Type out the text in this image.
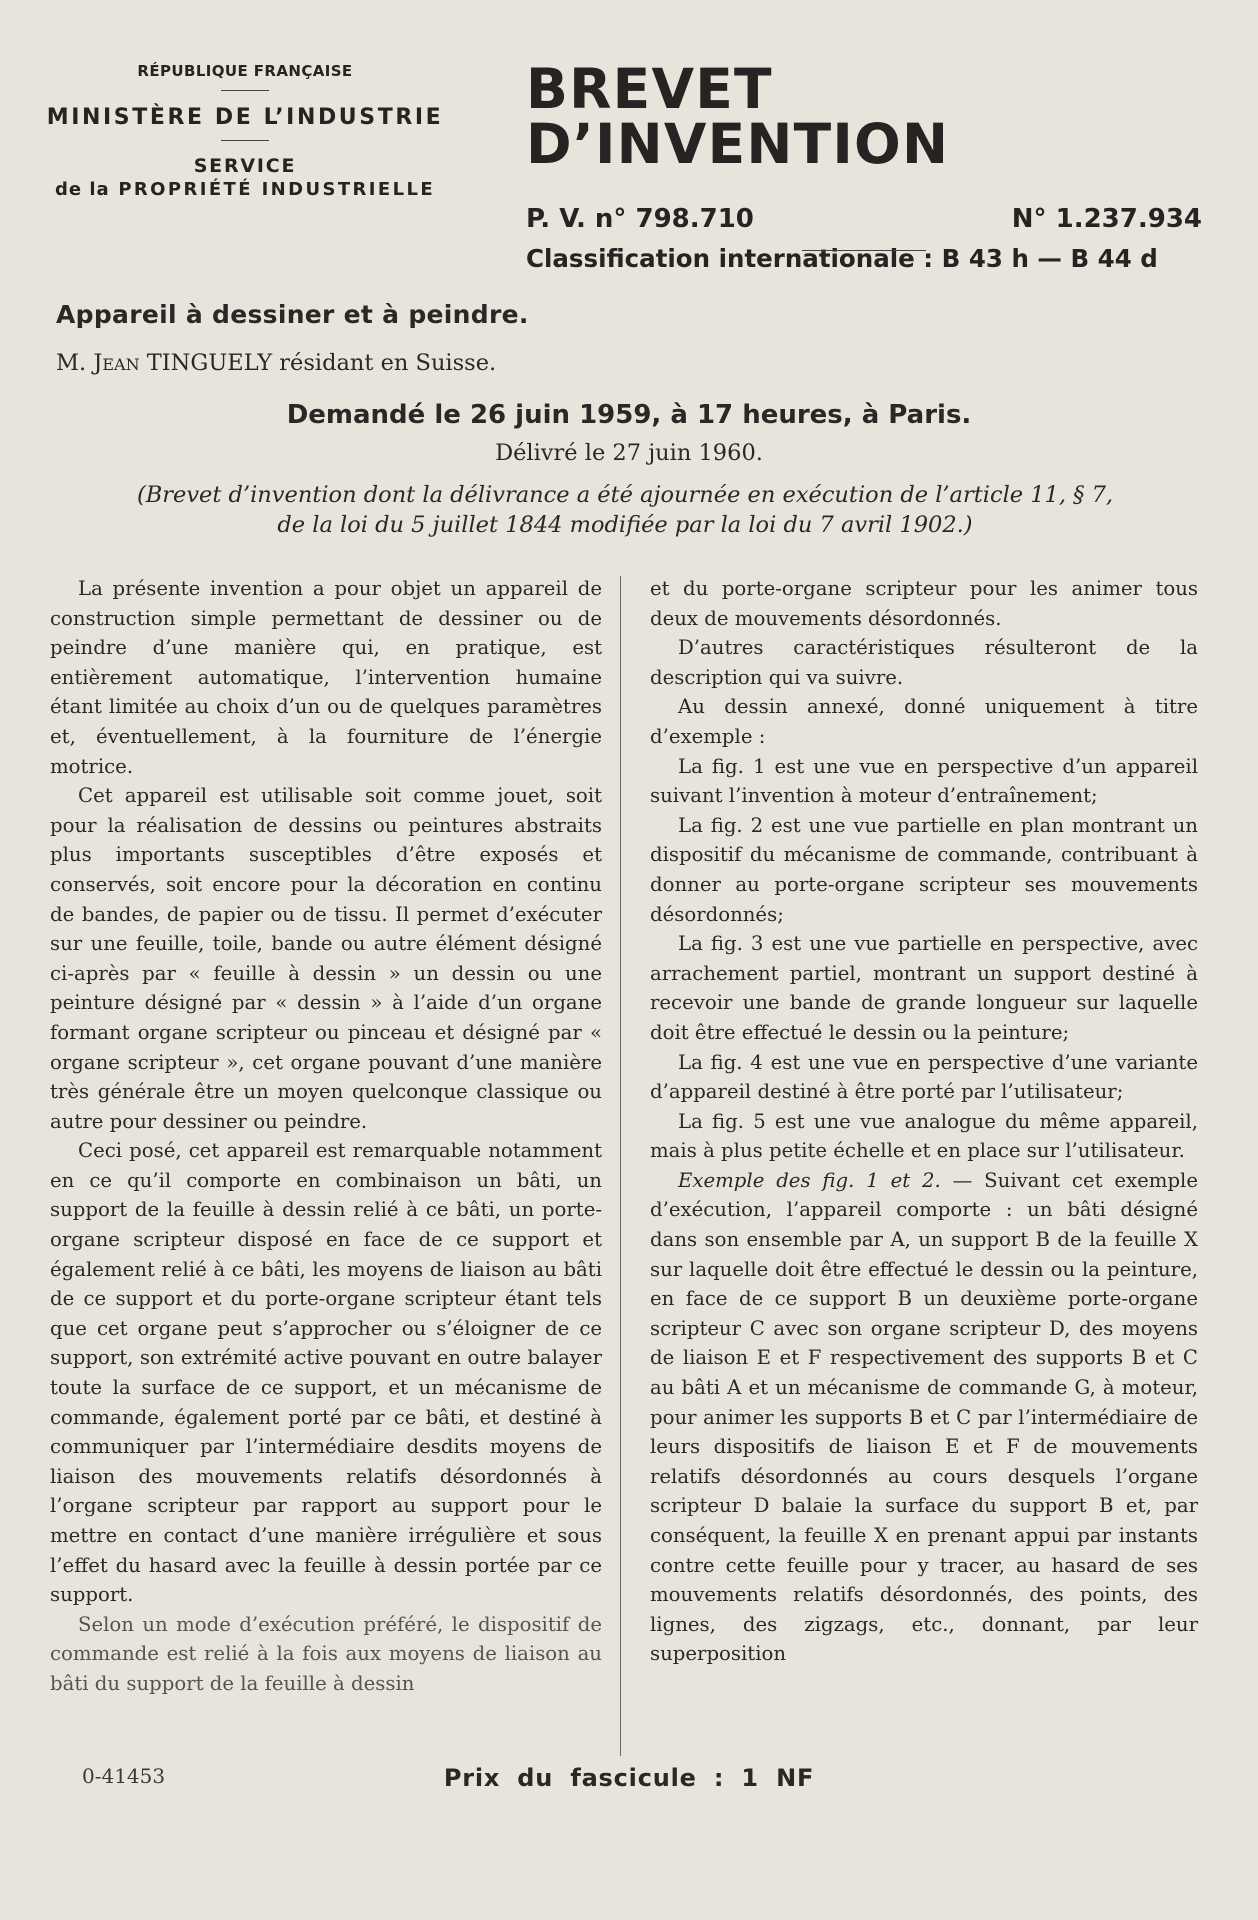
RÉPUBLIQUE FRANÇAISE
MINISTÈRE DE L’INDUSTRIE
SERVICE
de la PROPRIÉTÉ INDUSTRIELLE
BREVET D’INVENTION
P. V. n° 798.710	N° 1.237.934
Classification internationale : B 43 h — B 44 d
Appareil à dessiner et à peindre.
M. Jean TINGUELY résidant en Suisse.
Demandé le 26 juin 1959, à 17 heures, à Paris.
Délivré le 27 juin 1960.
(Brevet d’invention dont la délivrance a été ajournée en exécution de l’article 11, § 7,
de la loi du 5 juillet 1844 modifiée par la loi du 7 avril 1902.)

La présente invention a pour objet un appareil de construction simple permettant de dessiner ou de peindre d’une manière qui, en pratique, est entièrement automatique, l’intervention humaine étant limitée au choix d’un ou de quelques paramètres et, éventuellement, à la fourniture de l’énergie motrice.

Cet appareil est utilisable soit comme jouet, soit pour la réalisation de dessins ou peintures abstraits plus importants susceptibles d’être exposés et conservés, soit encore pour la décoration en continu de bandes, de papier ou de tissu. Il permet d’exécuter sur une feuille, toile, bande ou autre élément désigné ci-après par « feuille à dessin » un dessin ou une peinture désigné par « dessin » à l’aide d’un organe formant organe scripteur ou pinceau et désigné par « organe scripteur », cet organe pouvant d’une manière très générale être un moyen quelconque classique ou autre pour dessiner ou peindre.

Ceci posé, cet appareil est remarquable notamment en ce qu’il comporte en combinaison un bâti, un support de la feuille à dessin relié à ce bâti, un porte-organe scripteur disposé en face de ce support et également relié à ce bâti, les moyens de liaison au bâti de ce support et du porte-organe scripteur étant tels que cet organe peut s’approcher ou s’éloigner de ce support, son extrémité active pouvant en outre balayer toute la surface de ce support, et un mécanisme de commande, également porté par ce bâti, et destiné à communiquer par l’intermédiaire desdits moyens de liaison des mouvements relatifs désordonnés à l’organe scripteur par rapport au support pour le mettre en contact d’une manière irrégulière et sous l’effet du hasard avec la feuille à dessin portée par ce support.

Selon un mode d’exécution préféré, le dispositif de commande est relié à la fois aux moyens de liaison au bâti du support de la feuille à dessin

et du porte-organe scripteur pour les animer tous deux de mouvements désordonnés.

D’autres caractéristiques résulteront de la description qui va suivre.

Au dessin annexé, donné uniquement à titre d’exemple :

La fig. 1 est une vue en perspective d’un appareil suivant l’invention à moteur d’entraînement;

La fig. 2 est une vue partielle en plan montrant un dispositif du mécanisme de commande, contribuant à donner au porte-organe scripteur ses mouvements désordonnés;

La fig. 3 est une vue partielle en perspective, avec arrachement partiel, montrant un support destiné à recevoir une bande de grande longueur sur laquelle doit être effectué le dessin ou la peinture;

La fig. 4 est une vue en perspective d’une variante d’appareil destiné à être porté par l’utilisateur;

La fig. 5 est une vue analogue du même appareil, mais à plus petite échelle et en place sur l’utilisateur.

Exemple des fig. 1 et 2. — Suivant cet exemple d’exécution, l’appareil comporte : un bâti désigné dans son ensemble par A, un support B de la feuille X sur laquelle doit être effectué le dessin ou la peinture, en face de ce support B un deuxième porte-organe scripteur C avec son organe scripteur D, des moyens de liaison E et F respectivement des supports B et C au bâti A et un mécanisme de commande G, à moteur, pour animer les supports B et C par l’intermédiaire de leurs dispositifs de liaison E et F de mouvements relatifs désordonnés au cours desquels l’organe scripteur D balaie la surface du support B et, par conséquent, la feuille X en prenant appui par instants contre cette feuille pour y tracer, au hasard de ses mouvements relatifs désordonnés, des points, des lignes, des zigzags, etc., donnant, par leur superposition

0-41453	Prix du fascicule : 1 NF
